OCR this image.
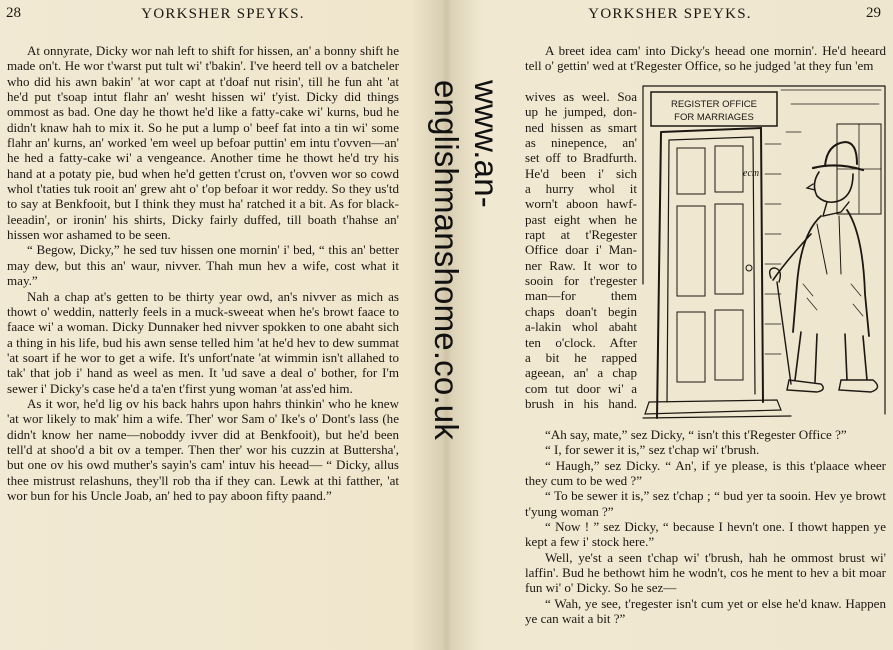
28	YORKSHER SPEYKS.

At onnyrate, Dicky wor nah left to shift for hissen, an' a bonny shift he made on't. He wor t'warst put tult wi' t'bakin'. I've heerd tell ov a batcheler who did his awn bakin' 'at wor capt at t'doaf nut risin', till he fun aht 'at he'd put t'soap intut flahr an' wesht hissen wi' t'yist. Dicky did things ommost as bad. One day he thowt he'd like a fatty-cake wi' kurns, bud he didn't knaw hah to mix it. So he put a lump o' beef fat into a tin wi' some flahr an' kurns, an' worked 'em weel up befoar puttin' em intu t'ovven—an' he hed a fatty-cake wi' a vengeance. Another time he thowt he'd try his hand at a potaty pie, bud when he'd getten t'crust on, t'ovven wor so cowd whol t'taties tuk rooit an' grew aht o' t'op befoar it wor reddy. So they us'td to say at Benkfooit, but I think they must ha' ratched it a bit. As for black-leeadin', or ironin' his shirts, Dicky fairly duffed, till boath t'hahse an' hissen wor ashamed to be seen.

“ Begow, Dicky,” he sed tuv hissen one mornin' i' bed, “ this an' better may dew, but this an' waur, nivver. Thah mun hev a wife, cost what it may.”

Nah a chap at's getten to be thirty year owd, an's nivver as mich as thowt o' weddin, natterly feels in a muck-sweeat when he's browt faace to faace wi' a woman. Dicky Dunnaker hed nivver spokken to one abaht sich a thing in his life, bud his awn sense telled him 'at he'd hev to dew summat 'at soart if he wor to get a wife. It's unfort'nate 'at wimmin isn't allahed to tak' that job i' hand as weel as men. It 'ud save a deal o' bother, for I'm sewer i' Dicky's case he'd a ta'en t'first yung woman 'at ass'ed him.

As it wor, he'd lig ov his back hahrs upon hahrs thinkin' who he knew 'at wor likely to mak' him a wife. Ther' wor Sam o' Ike's o' Dont's lass (he didn't know her name—noboddy ivver did at Benkfooit), but he'd been tell'd at shoo'd a bit ov a temper. Then ther' wor his cuzzin at Buttersha', but one ov his owd muther's sayin's cam' intuv his heead— “ Dicky, allus thee mistrust relashuns, they'll rob tha if they can. Lewk at thi fatther, 'at wor bun for his Uncle Joab, an' hed to pay aboon fifty paand.”

YORKSHER SPEYKS.	29

A breet idea cam' into Dicky's heead one mornin'. He'd heeard tell o' gettin' wed at t'Regester Office, so he judged 'at they fun 'em

wives as weel. Soa
up he jumped, don-
ned hissen as smart
as ninepence, an'
set off to Bradfurth.
He'd been i' sich
a hurry whol it
worn't aboon hawf-
past eight when he
rapt at t'Regester
Office doar i' Man-
ner Raw. It wor to
sooin for t'regester
man—for them
chaps doan't begin
a-lakin whol abaht
ten o'clock. After
a bit he rapped
ageean, an' a chap
com tut door wi' a
brush in his hand.
REGISTER OFFICE
FOR MARRIAGES
ecm

“Ah say, mate,” sez Dicky, “ isn't this t'Regester Office ?”

“ I, for sewer it is,” sez t'chap wi' t'brush.

“ Haugh,” sez Dicky. “ An', if ye please, is this t'plaace wheer they cum to be wed ?”

“ To be sewer it is,” sez t'chap ; “ bud yer ta sooin. Hev ye browt t'yung woman ?”

“ Now ! ” sez Dicky, “ because I hevn't one. I thowt happen ye kept a few i' stock here.”

Well, ye'st a seen t'chap wi' t'brush, hah he ommost brust wi' laffin'. Bud he bethowt him he wodn't, cos he ment to hev a bit moar fun wi' o' Dicky. So he sez—

“ Wah, ye see, t'regester isn't cum yet or else he'd knaw. Happen ye can wait a bit ?”

www.an-englishmanshome.co.uk
